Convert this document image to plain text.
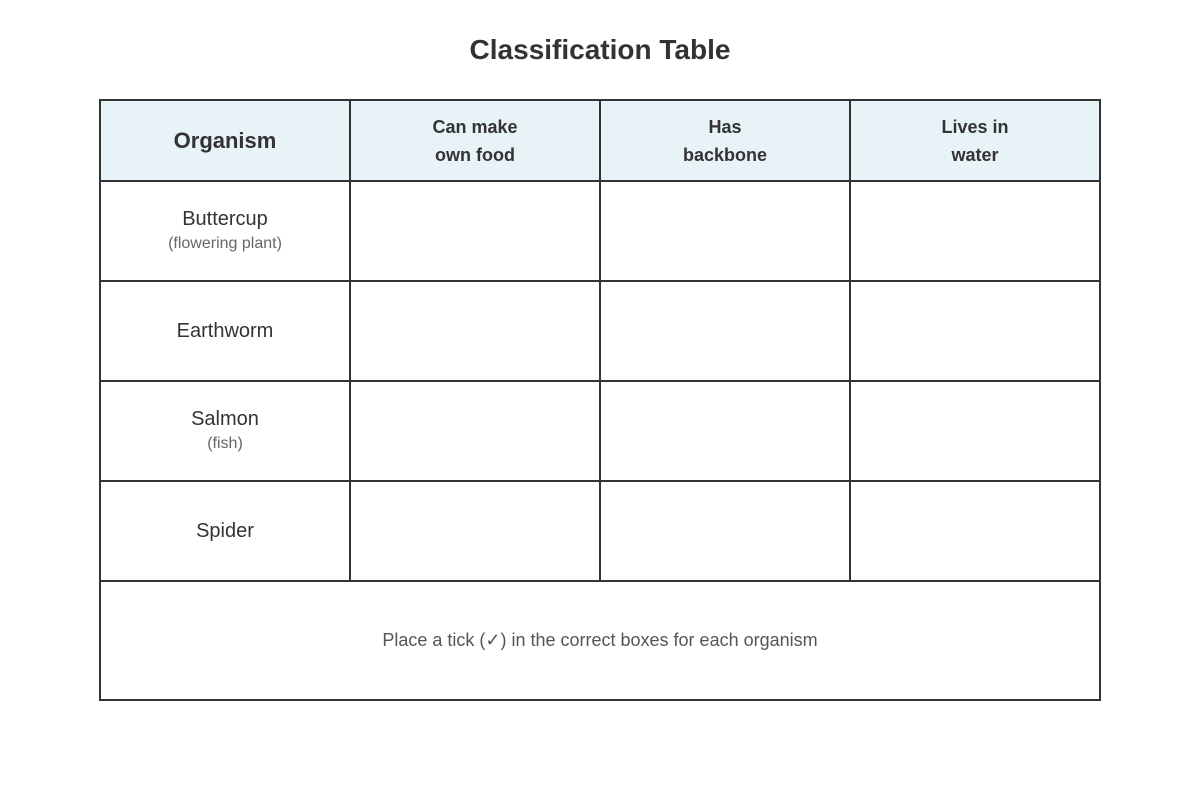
Classification Table
Organism
Can make
own food
Has
backbone
Lives in
water
Buttercup
(flowering plant)
Earthworm
Salmon
(fish)
Spider
Place a tick (✓) in the correct boxes for each organism
